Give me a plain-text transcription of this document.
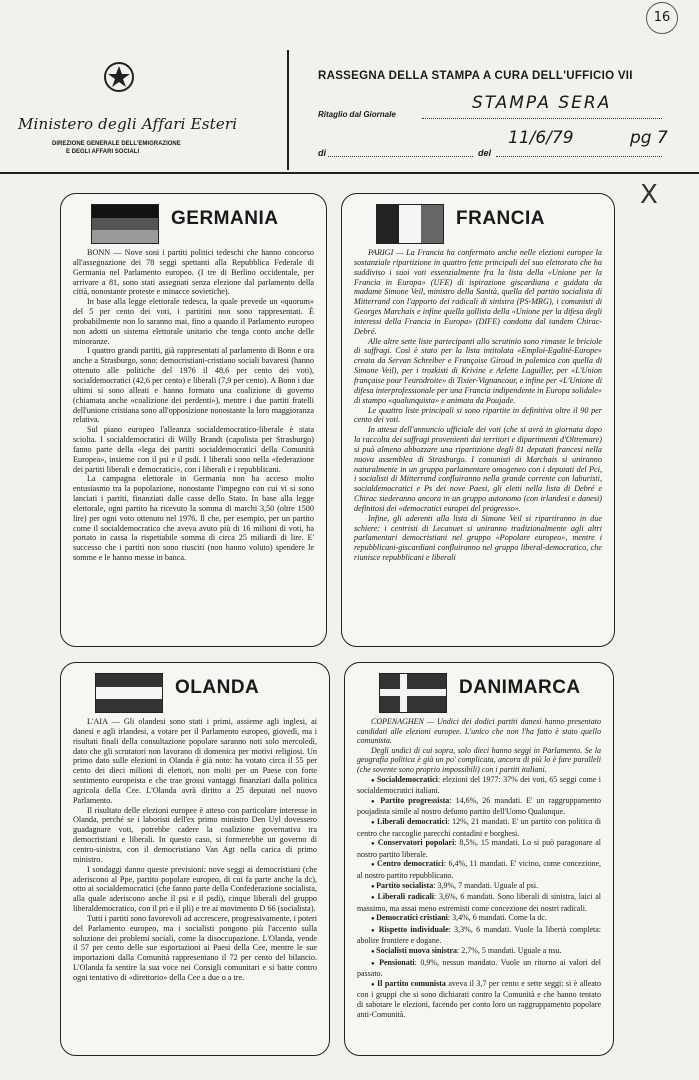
16
Ministero degli Affari Esteri
DIREZIONE GENERALE DELL'EMIGRAZIONE
E DEGLI AFFARI SOCIALI
RASSEGNA DELLA STAMPA A CURA DELL'UFFICIO VII
Ritaglio dal Giornale
STAMPA SERA
di	del
11/6/79	pg 7
X
GERMANIA

BONN — Nove soni i partiti politici tedeschi che hanno concorso all'assegnazione dei 78 seggi spettanti alla Repubblica Federale di Germania nel Parlamento europeo. (I tre di Berlino occidentale, per arrivare a 81, sono stati assegnati senza elezione dal parlamento della città, nonostante proteste e minacce sovietiche).

In base alla legge elettorale tedesca, la quale prevede un «quorum» del 5 per cento dei voti, i partitini non sono rappresentati. È probabilmente non lo saranno mai, fino a quando il Parlamento europeo non adotti un sistema elettorale unitario che tenga conto anche delle minoranze.

I quattro grandi partiti, già rappresentati al parlamento di Bonn e ora anche a Strasburgo, sono: democristiani-cristiano sociali bavaresi (hanno ottenuto alle politiche del 1976 il 48,6 per cento dei voti), socialdemocratici (42,6 per cento) e liberali (7,9 per cento). A Bonn i due ultimi si sono alleati e hanno formato una coalizione di governo (chiamata anche «coalizione dei perdenti»), mentre i due partiti fratelli dell'unione cristiana sono all'opposizione nonostante la loro maggioranza relativa.

Sul piano europeo l'alleanza socialdemocratico-liberale è stata sciolta. I socialdemocratici di Willy Brandt (capolista per Strasburgo) fanno parte della «lega dei partiti socialdemocratici della Comunità Europea», insieme con il psi e il psdi. I liberali sono nella «federazione dei partiti liberali e democratici», con i liberali e i repubblicani.

La campagna elettorale in Germania non ha acceso molto entusiasmo tra la popolazione, nonostante l'impegno con cui vi si sono lanciati i partiti, finanziati dalle casse dello Stato. In base alla legge elettorale, ogni partito ha ricevuto la somma di marchi 3,50 (oltre 1500 lire) per ogni voto ottenuto nel 1976. Il che, per esempio, per un partito come il socialdemocratico che aveva avuto più di 16 milioni di voti, ha portato in cassa la rispettabile somma di circa 25 miliardi di lire. E' successo che i partiti non sono riusciti (non hanno voluto) spendere le somme e le hanno messe in banca.

FRANCIA

PARIGI — La Francia ha confermato anche nelle elezioni europee la sostanziale ripartizione in quattro fette principali del suo elettorato che ha suddiviso i suoi voti essenzialmente fra la lista della «Unione per la Francia in Europa» (UFE) di ispirazione giscardiana e guidata da madame Simone Veil, ministro della Sanità, quella del partito socialista di Mitterrand con l'apporto dei radicali di sinistra (PS-MRG), i comunisti di Georges Marchais e infine quella gollista della «Unione per la difesa degli interessi della Francia in Europa» (DIFE) condotta dal tandem Chirac-Debré.

Alle altre sette liste partecipanti allo scrutinio sono rimaste le briciole di suffragi. Così è stato per la lista intitolata «Emploi-Egalité-Europe» creata da Servan Schreiber e Françoise Giroud in polemica con quella di Simone Veil), per i trozkisti di Krivine e Arlette Laguiller, per «L'Union française pour l'eurodroite» di Tixier-Vignancour, e infine per «L'Unione di difesa interprofessionale per una Francia indipendente in Europa solidale» di stampo «qualunquista» e animata da Poujade.

Le quattro liste principali si sono ripartite in definitiva oltre il 90 per cento dei voti.

In attesa dell'annuncio ufficiale dei voti (che si avrà in giornata dopo la raccolta dei suffragi provenienti dai territori e dipartimenti d'Oltremare) si può almeno abbozzare una ripartizione degli 81 deputati francesi nella nuova assemblea di Strasburgo. I comunisti di Marchais si uniranno naturalmente in un gruppo parlamentare omogeneo con i deputati del Pci, i socialisti di Mitterrand confluiranno nella grande corrente con laburisti, socialdemocratici e Ps dei nove Paesi, gli eletti nella lista di Debré e Chirac siederanno ancora in un gruppo autonomo (con irlandesi e danesi) definitosi dei «democratici europei del progresso».

Infine, gli aderenti alla lista di Simone Veil si ripartiranno in due schiere: i centristi di Lecanuet si uniranno tradizionalmente agli altri parlamentari democristiani nel gruppo «Popolare europeo», mentre i repubblicani-giscardiani confluiranno nel gruppo liberal-democratico, che riunisce repubblicani e liberali

OLANDA

L'AIA — Gli olandesi sono stati i primi, assieme agli inglesi, ai danesi e agli irlandesi, a votare per il Parlamento europeo, giovedì, ma i risultati finali della consultazione popolare saranno noti solo mercoledì, dato che gli scrutatori non lavorano di domenica per motivi religiosi. Un primo dato sulle elezioni in Olanda è già noto: ha votato circa il 55 per cento dei dieci milioni di elettori, non molti per un Paese con forte sentimento europeista e che trae grossi vantaggi finanziari dalla politica agricola della Cee. L'Olanda avrà diritto a 25 deputati nel nuovo Parlamento.

Il risultato delle elezioni europee è atteso con particolare interesse in Olanda, perché se i laboristi dell'ex primo ministro Den Uyl dovessero guadagnare voti, potrebbe cadere la coalizione governativa tra democristiani e liberali. In questo caso, si formerebbe un governo di centro-sinistra, con il democristiano Van Agt nella carica di primo ministro.

I sondaggi danno queste previsioni: nove seggi ai democristiani (che aderiscono al Ppe, partito popolare europeo, di cui fa parte anche la dc), otto ai socialdemocratici (che fanno parte della Confederazione socialista, alla quale aderiscono anche il psi e il psdi), cinque liberali del gruppo liberaldemocratico, con il pri e il pli) e tre ai movimento D 66 (socialista).

Tutti i partiti sono favorevoli ad accrescere, progressivamente, i poteri del Parlamento europeo, ma i socialisti pongono più l'accento sulla soluzione dei problemi sociali, come la disoccupazione. L'Olanda, vende il 57 per cento delle sue esportazioni ai Paesi della Cee, mentre le sue importazioni dalla Comunità rappresentano il 72 per cento del bilancio. L'Olanda fa sentire la sua voce nei Consigli comunitari e si batte contro ogni tentativo di «direttorio» della Cee a due o a tre.

DANIMARCA

COPENAGHEN — Undici dei dodici partiti danesi hanno presentato candidati alle elezioni europee. L'unico che non l'ha fatto è stato quello comunista.

Degli undici di cui sopra, solo dieci hanno seggi in Parlamento. Se la geografia politica è già un po' complicata, ancora di più lo è fare paralleli (che sovente sono proprio impossibili) con i partiti italiani.

● Socialdemocratici: elezioni del 1977: 37% dei voti, 65 seggi come i socialdemocratici italiani.

● Partito progressista: 14,6%, 26 mandati. E' un raggruppamento poujadista simile al nostro defunto partito dell'Uomo Qualunque.

● Liberali democratici: 12%, 21 mandati. E' un partito con politica di centro che raccoglie parecchi contadini e borghesi.

● Conservatori popolari: 8,5%, 15 mandati. Lo si può paragonare al nostro partito liberale.

● Centro democratici: 6,4%, 11 mandati. E' vicino, come concezione, al nostro partito repubblicano.

● Partito socialista: 3,9%, 7 mandati. Uguale al psi.

● Liberali radicali: 3,6%, 6 mandati. Sono liberali di sinistra, laici al massimo, ma assai meno estremisti come concezione dei nostri radicali.

● Democratici cristiani: 3,4%, 6 mandati. Come la dc.

● Rispetto individuale: 3,3%, 6 mandati. Vuole la libertà completa: abolire frontiere e dogane.

● Socialisti nuova sinistra: 2,7%, 5 mandati. Uguale a nsu.

● Pensionati: 0,9%, nessun mandato. Vuole un ritorno ai valori del passato.

● Il partito comunista aveva il 3,7 per cento e sette seggi: si è alleato con i gruppi che si sono dichiarati contro la Comunità e che hanno tentato di sabotare le elezioni, facendo per conto loro un raggruppamento popolare anti-Comunità.
